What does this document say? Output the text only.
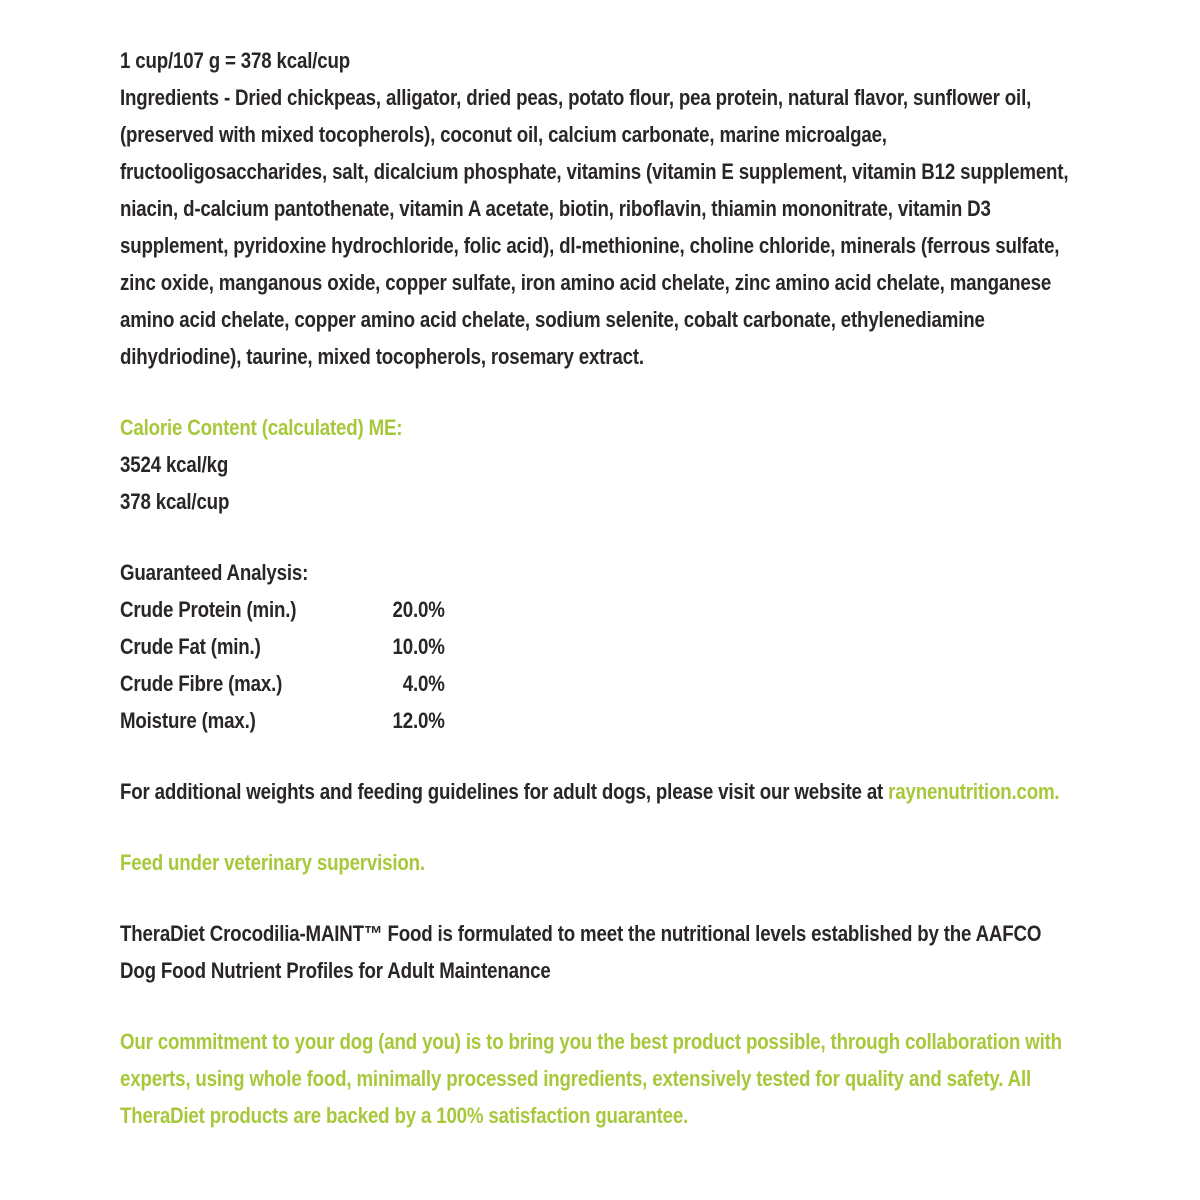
1 cup/107 g = 378 kcal/cup
Ingredients - Dried chickpeas, alligator, dried peas, potato flour, pea protein, natural flavor, sunflower oil, (preserved with mixed tocopherols), coconut oil, calcium carbonate, marine microalgae, fructooligosaccharides, salt, dicalcium phosphate, vitamins (vitamin E supplement, vitamin B12 supplement, niacin, d-calcium pantothenate, vitamin A acetate, biotin, riboflavin, thiamin mononitrate, vitamin D3 supplement, pyridoxine hydrochloride, folic acid), dl-methionine, choline chloride, minerals (ferrous sulfate, zinc oxide, manganous oxide, copper sulfate, iron amino acid chelate, zinc amino acid chelate, manganese amino acid chelate, copper amino acid chelate, sodium selenite, cobalt carbonate, ethylenediamine dihydriodine), taurine, mixed tocopherols, rosemary extract.
Calorie Content (calculated) ME:
3524 kcal/kg
378 kcal/cup
Guaranteed Analysis:
Crude Protein (min.)	20.0%
Crude Fat (min.)	10.0%
Crude Fibre (max.)	4.0%
Moisture (max.)	12.0%
For additional weights and feeding guidelines for adult dogs, please visit our website at raynenutrition.com.
Feed under veterinary supervision.
TheraDiet Crocodilia-MAINT™ Food is formulated to meet the nutritional levels established by the AAFCO Dog Food Nutrient Profiles for Adult Maintenance
Our commitment to your dog (and you) is to bring you the best product possible, through collaboration with experts, using whole food, minimally processed ingredients, extensively tested for quality and safety. All TheraDiet products are backed by a 100% satisfaction guarantee.
